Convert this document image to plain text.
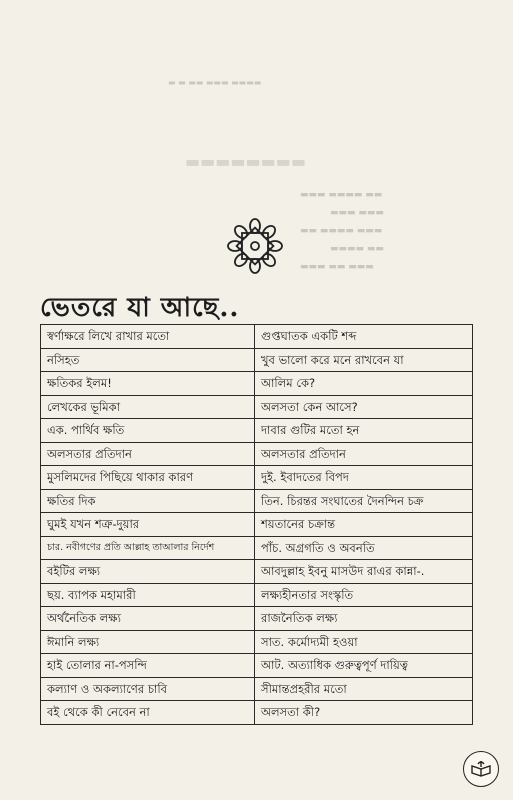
▬ ▬ ▬▬ ▬▬▬ ▬▬▬▬
▬▬▬▬▬▬▬▬
▬▬▬ ▬▬▬▬ ▬▬
▬▬▬ ▬▬▬
▬▬ ▬▬▬▬ ▬▬▬
▬▬▬▬ ▬▬
▬▬▬ ▬▬ ▬▬▬
ভেতরে যা আছে..
স্বর্ণাক্ষরে লিখে রাখার মতো	গুপ্তঘাতক একটি শব্দ
নসিহত	খুব ভালো করে মনে রাখবেন যা
ক্ষতিকর ইলম!	আলিম কে?
লেখকের ভূমিকা	অলসতা কেন আসে?
এক. পার্থিব ক্ষতি	দাবার গুটির মতো হন
অলসতার প্রতিদান	অলসতার প্রতিদান
মুসলিমদের পিছিয়ে থাকার কারণ	দুই. ইবাদতের বিপদ
ক্ষতির দিক	তিন. চিরন্তর সংঘাতের দৈনন্দিন চক্র
ঘুমই যখন শত্রু-দুয়ার	শয়তানের চক্রান্ত
চার. নবীগণের প্রতি আল্লাহ তাআলার নির্দেশ	পাঁচ. অগ্রগতি ও অবনতি
বইটির লক্ষ্য	আবদুল্লাহ ইবনু মাসউদ রাএর কান্না-.
ছয়. ব্যাপক মহামারী	লক্ষ্যহীনতার সংস্কৃতি
অর্থনৈতিক লক্ষ্য	রাজনৈতিক লক্ষ্য
ঈমানি লক্ষ্য	সাত. কর্মোদ্যমী হওয়া
হাই তোলার না-পসন্দি	আট. অত্যাধিক গুরুত্বপূর্ণ দায়িত্ব
কল্যাণ ও অকল্যাণের চাবি	সীমান্তপ্রহরীর মতো
বই থেকে কী নেবেন না	অলসতা কী?
